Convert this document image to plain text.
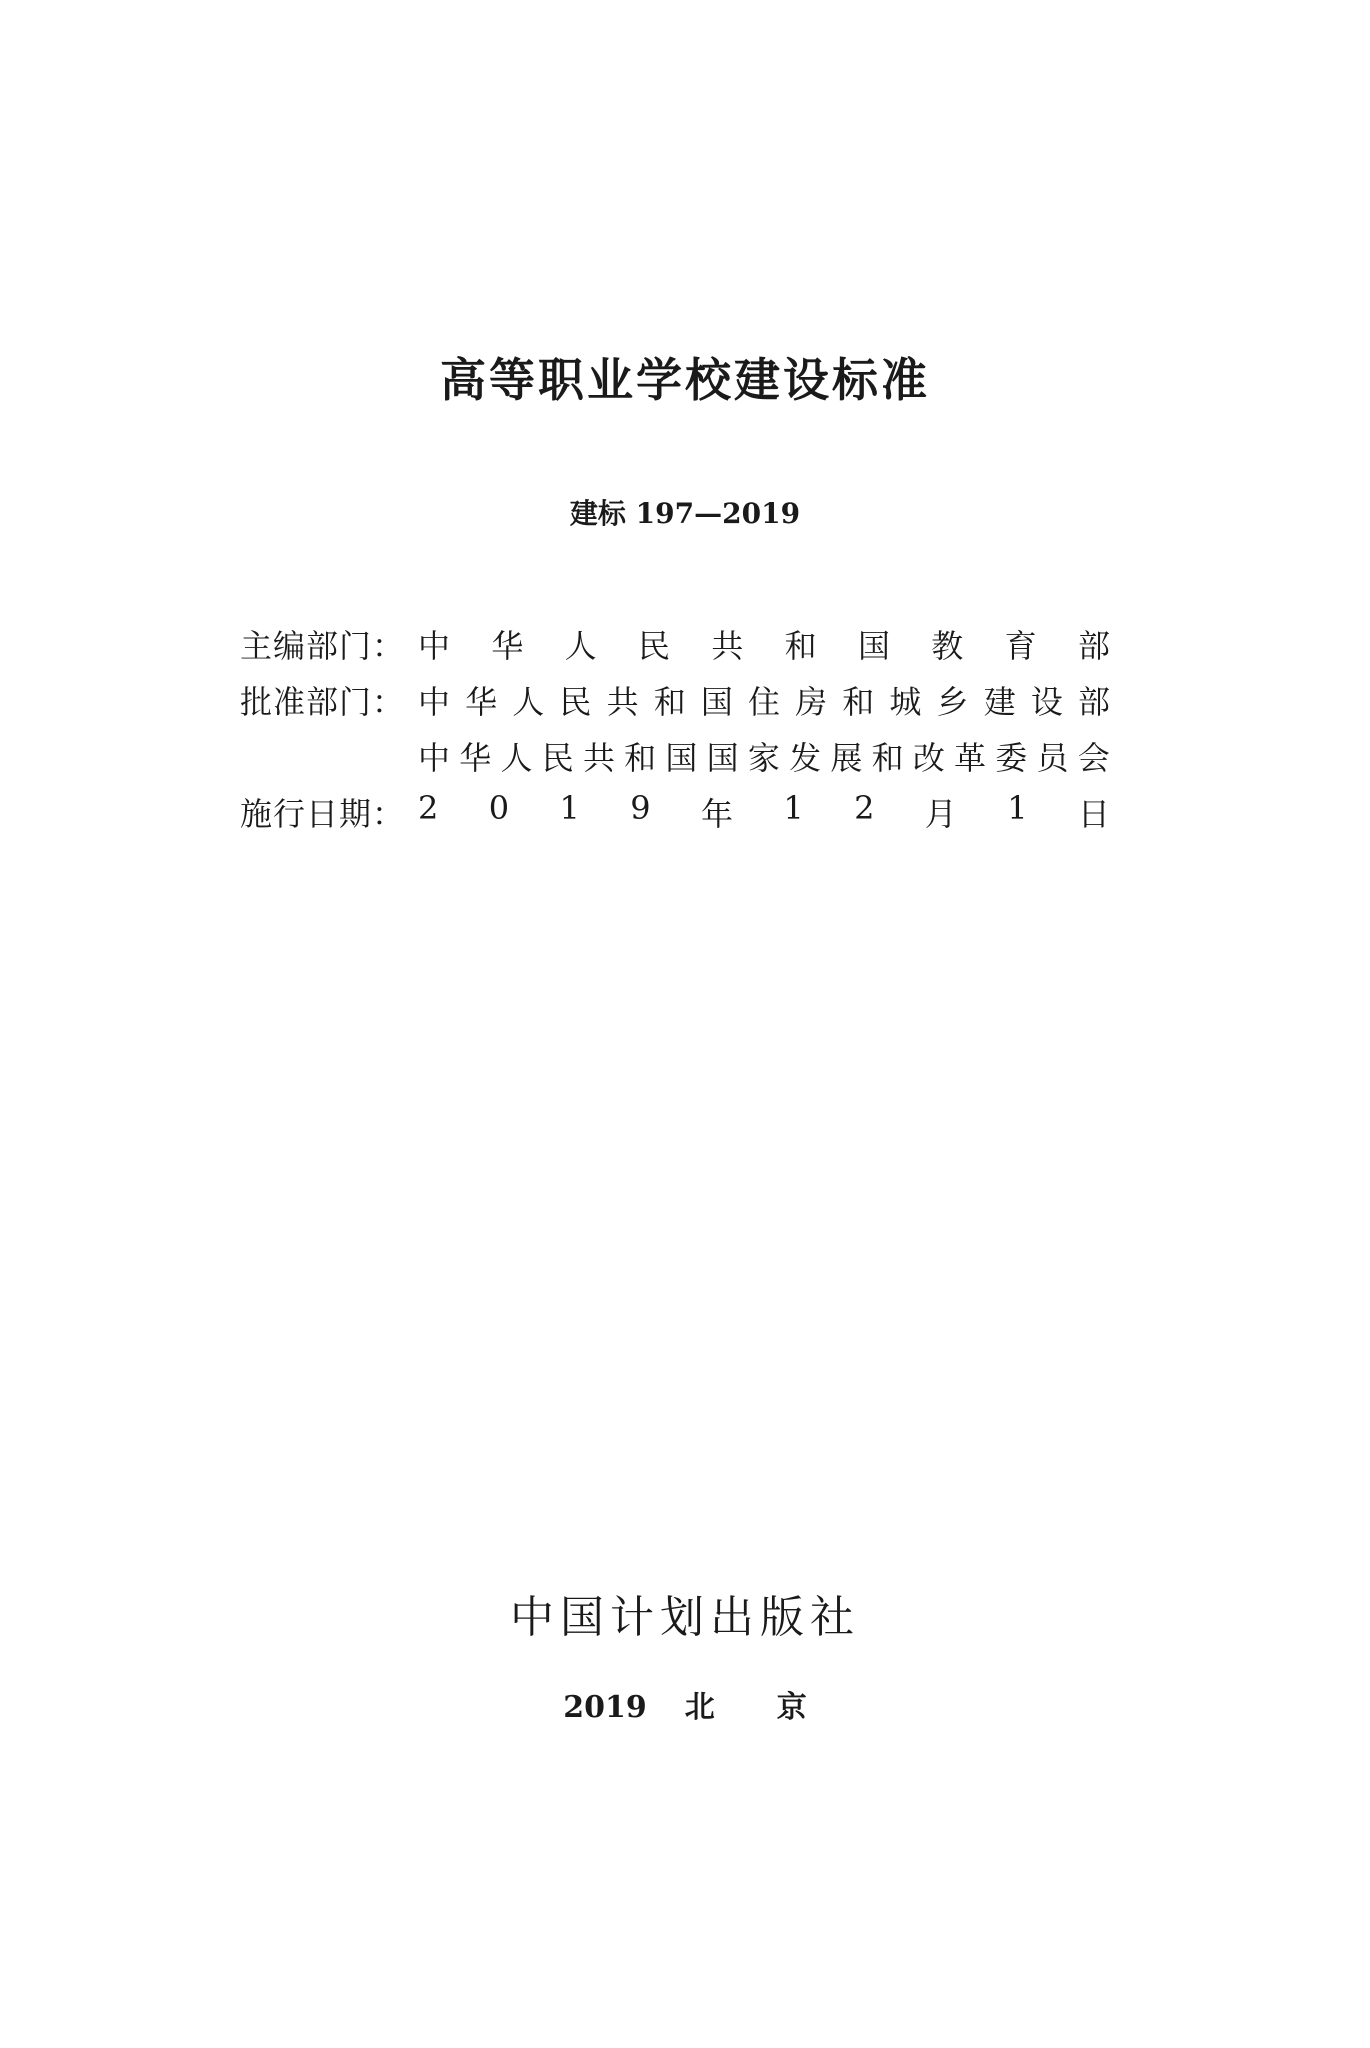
高等职业学校建设标准
建标 197—2019
主编部门： 中 华 人 民 共 和 国 教 育 部
批准部门： 中 华 人 民 共 和 国 住 房 和 城 乡 建 设 部
中 华 人 民 共 和 国 国 家 发 展 和 改 革 委 员 会
施行日期： 2 0 1 9 年 1 2 月 1 日
中国计划出版社
2019 北京
